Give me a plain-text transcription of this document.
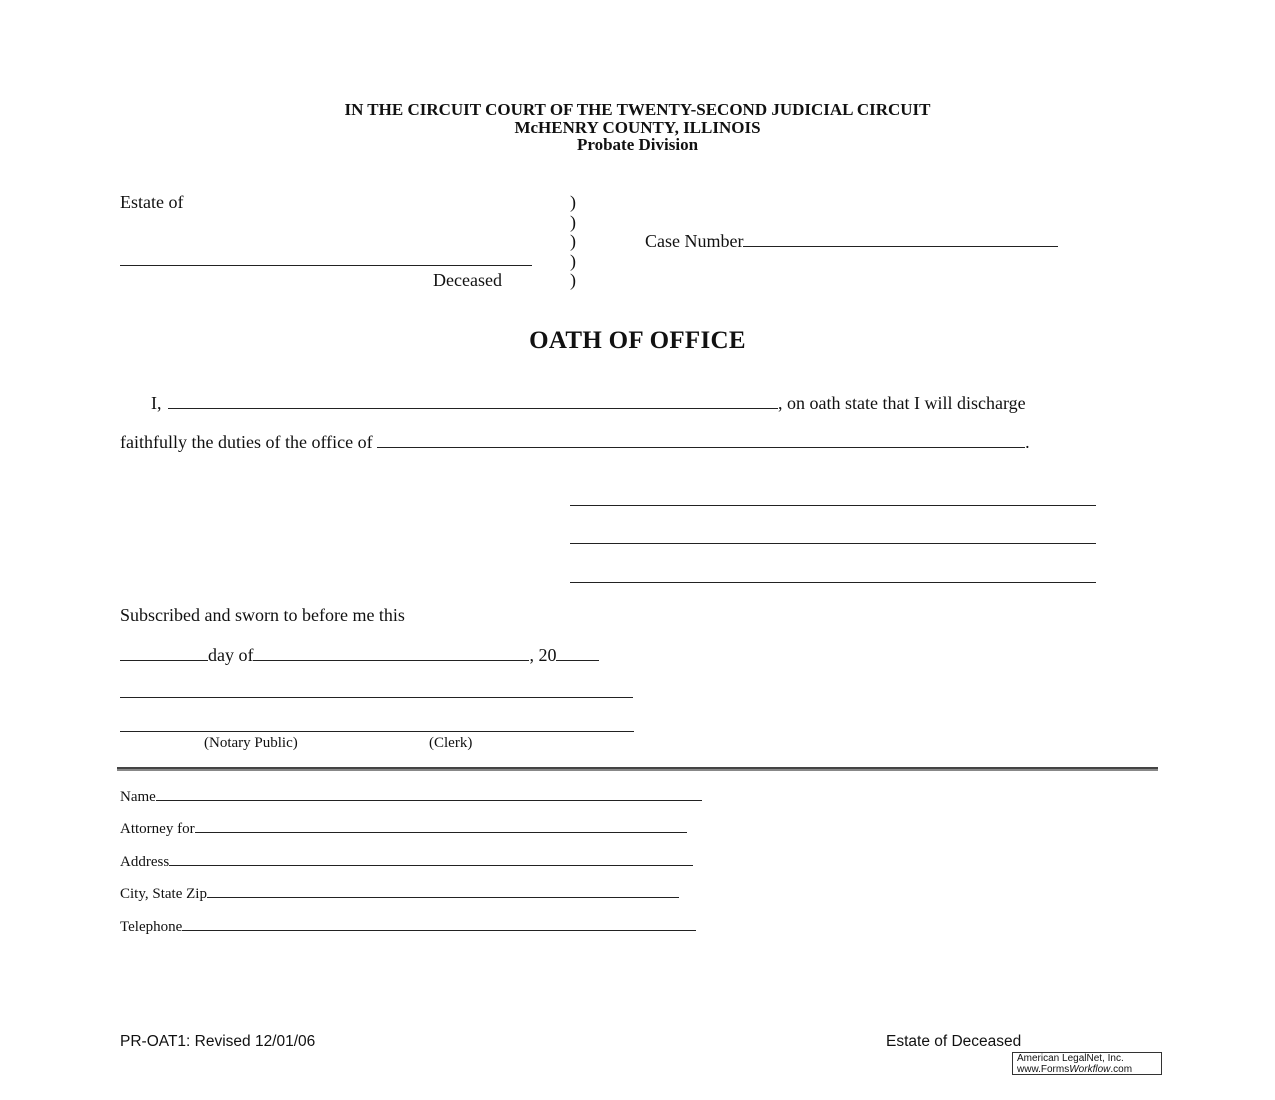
IN THE CIRCUIT COURT OF THE TWENTY-SECOND JUDICIAL CIRCUIT
McHENRY COUNTY, ILLINOIS
Probate Division
Estate of
Deceased
)
)
)
)
)
Case Number
OATH OF OFFICE
I,	, on oath state that I will discharge
faithfully the duties of the office of	.
Subscribed and sworn to before me this
day of	, 20
(Notary Public)	(Clerk)
Name
Attorney for
Address
City, State Zip
Telephone
PR-OAT1: Revised 12/01/06	Estate of Deceased
American LegalNet, Inc.
www.FormsWorkflow.com
